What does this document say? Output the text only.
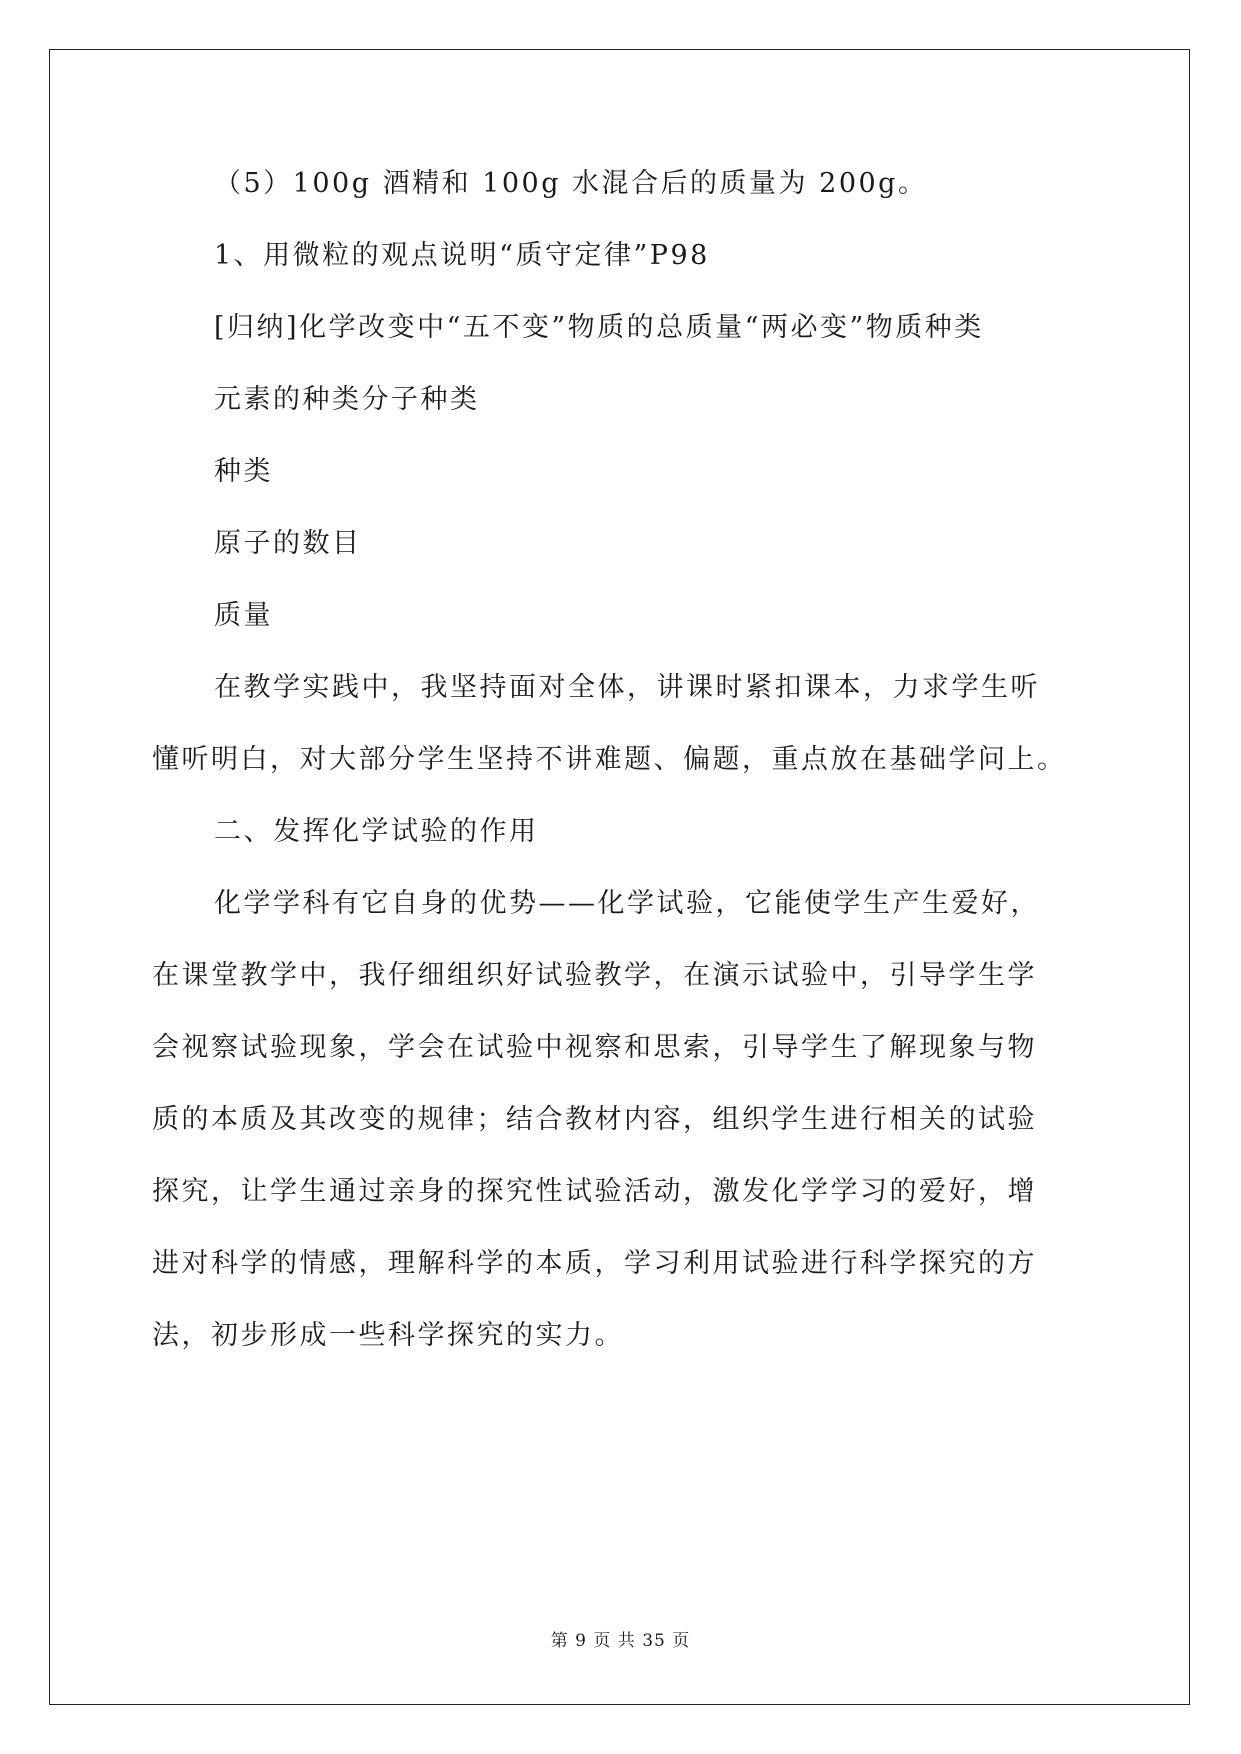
（5）100g 酒精和 100g 水混合后的质量为 200g。
1、用微粒的观点说明“质守定律”P98
[归纳]化学改变中“五不变”物质的总质量“两必变”物质种类
元素的种类分子种类
种类
原子的数目
质量
在教学实践中，我坚持面对全体，讲课时紧扣课本，力求学生听
懂听明白，对大部分学生坚持不讲难题、偏题，重点放在基础学问上。
二、发挥化学试验的作用
化学学科有它自身的优势——化学试验，它能使学生产生爱好，
在课堂教学中，我仔细组织好试验教学，在演示试验中，引导学生学
会视察试验现象，学会在试验中视察和思索，引导学生了解现象与物
质的本质及其改变的规律；结合教材内容，组织学生进行相关的试验
探究，让学生通过亲身的探究性试验活动，激发化学学习的爱好，增
进对科学的情感，理解科学的本质，学习利用试验进行科学探究的方
法，初步形成一些科学探究的实力。
第 9 页 共 35 页
